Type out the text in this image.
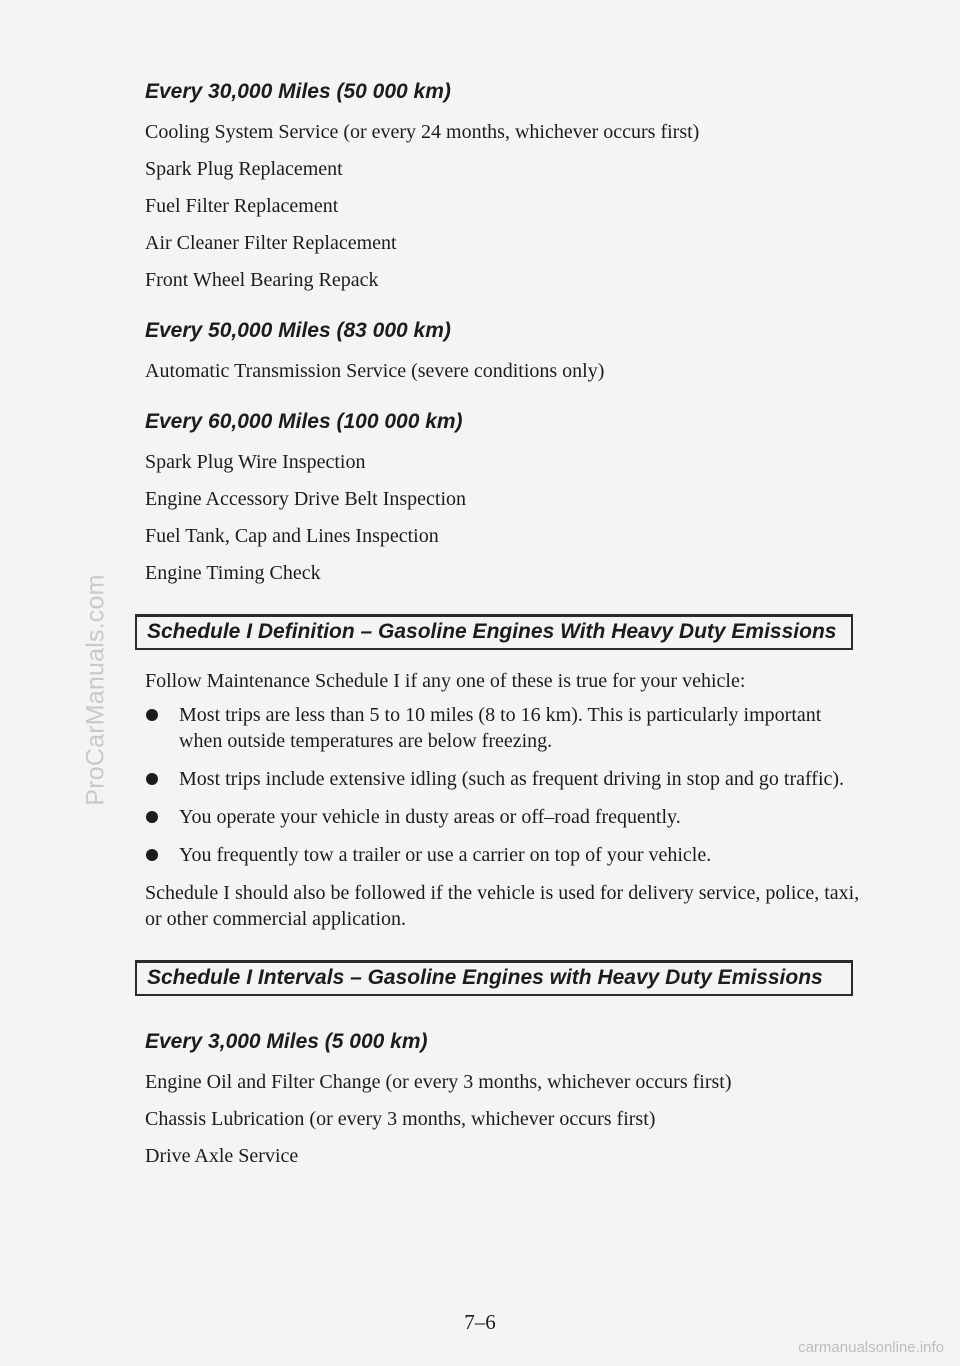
ProCarManuals.com
Every 30,000 Miles (50 000 km)

Cooling System Service (or every 24 months, whichever occurs first)

Spark Plug Replacement

Fuel Filter Replacement

Air Cleaner Filter Replacement

Front Wheel Bearing Repack

Every 50,000 Miles (83 000 km)

Automatic Transmission Service (severe conditions only)

Every 60,000 Miles (100 000 km)

Spark Plug Wire Inspection

Engine Accessory Drive Belt Inspection

Fuel Tank, Cap and Lines Inspection

Engine Timing Check

Schedule I Definition – Gasoline Engines With Heavy Duty Emissions

Follow Maintenance Schedule I if any one of these is true for your vehicle:

Most trips are less than 5 to 10 miles (8 to 16 km). This is particularly important when outside temperatures are below freezing.
Most trips include extensive idling (such as frequent driving in stop and go traffic).
You operate your vehicle in dusty areas or off–road frequently.
You frequently tow a trailer or use a carrier on top of your vehicle.

Schedule I should also be followed if the vehicle is used for delivery service, police, taxi, or other commercial application.

Schedule I Intervals – Gasoline Engines with Heavy Duty Emissions
Every 3,000 Miles (5 000 km)

Engine Oil and Filter Change (or every 3 months, whichever occurs first)

Chassis Lubrication (or every 3 months, whichever occurs first)

Drive Axle Service

7–6
carmanualsonline.info
